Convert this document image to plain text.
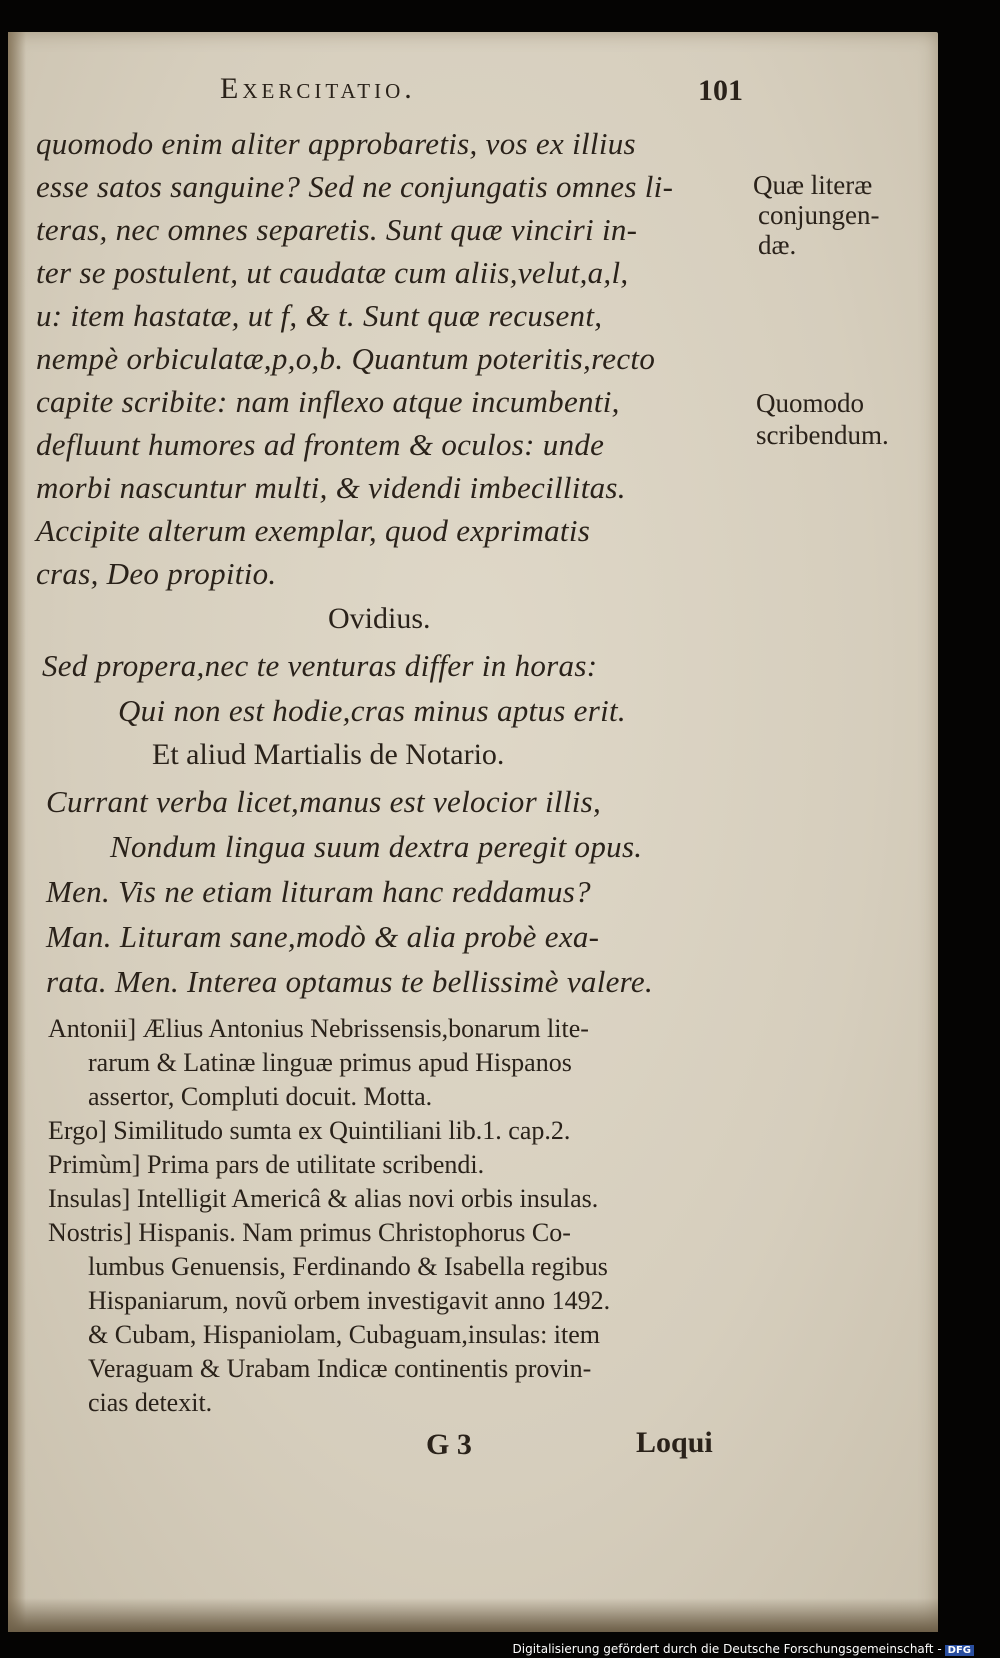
Exercitatio.	101
quomodo enim aliter approbaretis, vos ex illius
esse satos sanguine? Sed ne conjungatis omnes li-
teras, nec omnes separetis. Sunt quæ vinciri in-
ter se postulent, ut caudatæ cum aliis,velut,a,l,
u: item hastatæ, ut f, & t. Sunt quæ recusent,
nempè orbiculatæ,p,o,b. Quantum poteritis,recto
capite scribite: nam inflexo atque incumbenti,
defluunt humores ad frontem & oculos: unde
morbi nascuntur multi, & videndi imbecillitas.
Accipite alterum exemplar, quod exprimatis
cras, Deo propitio.
Quæ literæ
conjungen-
dæ.
Quomodo
scribendum.
Ovidius.
Sed propera,nec te venturas differ in horas:
Qui non est hodie,cras minus aptus erit.
Et aliud Martialis de Notario.
Currant verba licet,manus est velocior illis,
Nondum lingua suum dextra peregit opus.
Men. Vis ne etiam lituram hanc reddamus?
Man. Lituram sane,modò & alia probè exa-
rata. Men. Interea optamus te bellissimè valere.
Antonii] Ælius Antonius Nebrissensis,bonarum lite-
rarum & Latinæ linguæ primus apud Hispanos
assertor, Compluti docuit. Motta.
Ergo] Similitudo sumta ex Quintiliani lib.1. cap.2.
Primùm] Prima pars de utilitate scribendi.
Insulas] Intelligit Americâ & alias novi orbis insulas.
Nostris] Hispanis. Nam primus Christophorus Co-
lumbus Genuensis, Ferdinando & Isabella regibus
Hispaniarum, novũ orbem investigavit anno 1492.
& Cubam, Hispaniolam, Cubaguam,insulas: item
Veraguam & Urabam Indicæ continentis provin-
cias detexit.
G 3	Loqui
Digitalisierung gefördert durch die Deutsche Forschungsgemeinschaft - DFG
